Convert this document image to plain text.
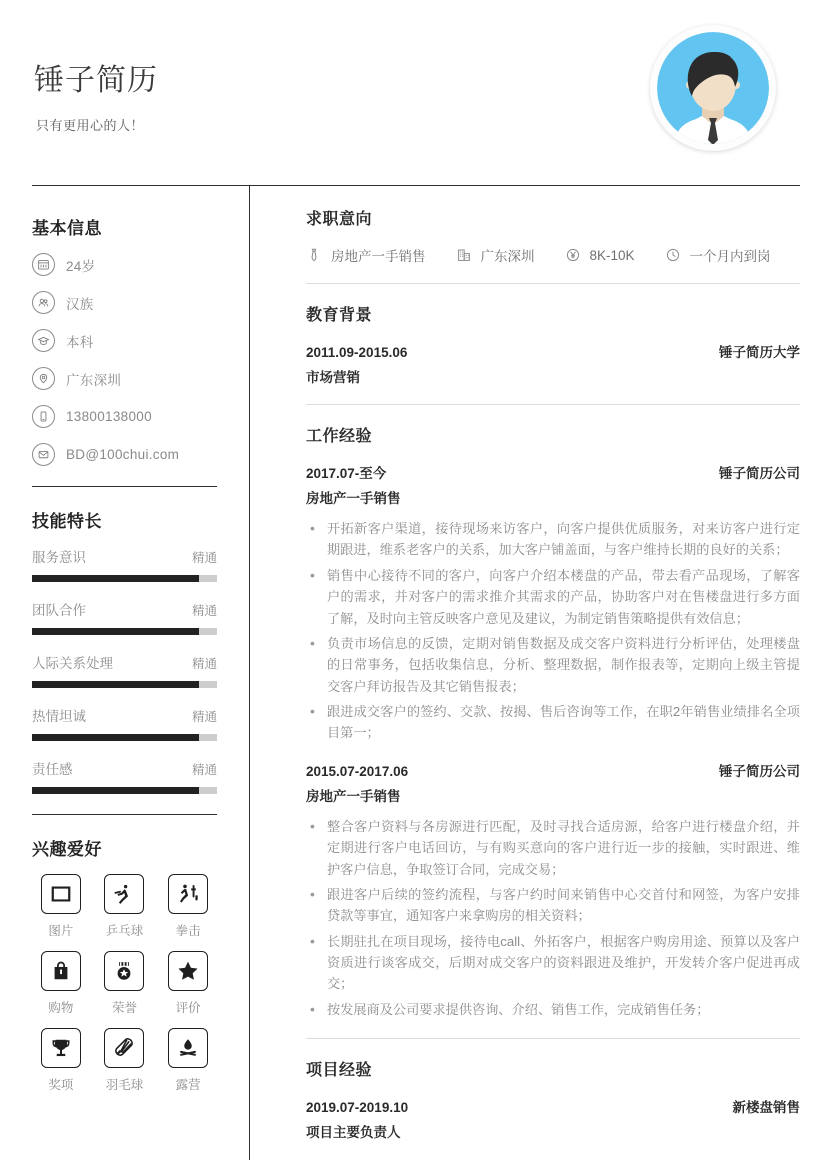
锤子简历
只有更用心的人！
基本信息
24岁
汉族
本科
广东深圳
13800138000
BD@100chui.com
技能特长
服务意识	精通
团队合作	精通
人际关系处理	精通
热情坦诚	精通
责任感	精通
兴趣爱好
图片	乒乓球	拳击
购物	荣誉	评价
奖项	羽毛球	露营
求职意向
房地产一手销售	广东深圳	8K-10K	一个月内到岗
教育背景
2011.09-2015.06	锤子简历大学
市场营销
工作经验
2017.07-至今	锤子简历公司
房地产一手销售
• 开拓新客户渠道，接待现场来访客户，向客户提供优质服务，对来访客户进行定期跟进，维系老客户的关系，加大客户铺盖面，与客户维持长期的良好的关系；
• 销售中心接待不同的客户，向客户介绍本楼盘的产品，带去看产品现场，了解客户的需求，并对客户的需求推介其需求的产品，协助客户对在售楼盘进行多方面了解，及时向主管反映客户意见及建议，为制定销售策略提供有效信息；
• 负责市场信息的反馈，定期对销售数据及成交客户资料进行分析评估，处理楼盘的日常事务，包括收集信息，分析、整理数据，制作报表等，定期向上级主管提交客户拜访报告及其它销售报表；
• 跟进成交客户的签约、交款、按揭、售后咨询等工作，在职2年销售业绩排名全项目第一；
2015.07-2017.06	锤子简历公司
房地产一手销售
• 整合客户资料与各房源进行匹配，及时寻找合适房源，给客户进行楼盘介绍，并定期进行客户电话回访，与有购买意向的客户进行近一步的接触，实时跟进、维护客户信息，争取签订合同，完成交易；
• 跟进客户后续的签约流程，与客户约时间来销售中心交首付和网签，为客户安排贷款等事宜，通知客户来拿购房的相关资料；
• 长期驻扎在项目现场，接待电call、外拓客户，根据客户购房用途、预算以及客户资质进行谈客成交，后期对成交客户的资料跟进及维护，开发转介客户促进再成交；
• 按发展商及公司要求提供咨询、介绍、销售工作，完成销售任务；
项目经验
2019.07-2019.10	新楼盘销售
项目主要负责人
